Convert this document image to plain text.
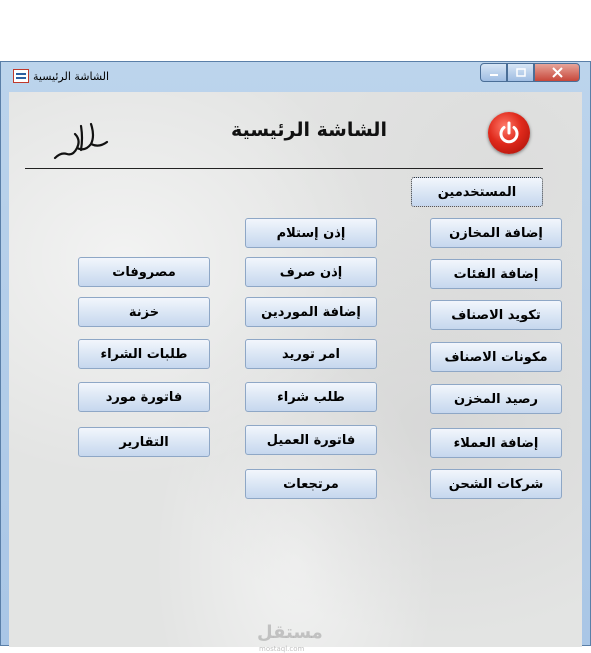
الشاشة الرئيسية
الشاشة الرئيسية
المستخدمين
إضافة المخازن
إضافة الفئات
تكويد الاصناف
مكونات الاصناف
رصيد المخزن
إضافة العملاء
شركات الشحن
إذن إستلام
إذن صرف
إضافة الموردين
امر توريد
طلب شراء
فاتورة العميل
مرتجعات
مصروفات
خزنة
طلبات الشراء
فاتورة مورد
التقارير
مستقل
mostaql.com
